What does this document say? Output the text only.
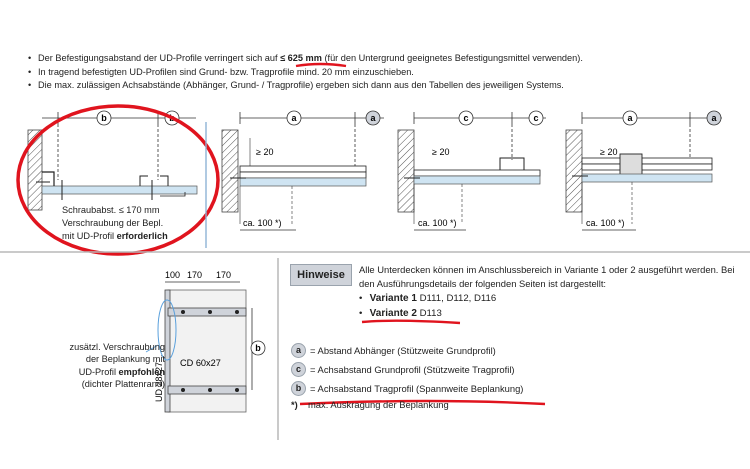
• Der Befestigungsabstand der UD-Profile verringert sich auf ≤ 625 mm (für den Untergrund geeignetes Befestigungsmittel verwenden).
• In tragend befestigten UD-Profilen sind Grund- bzw. Tragprofile mind. 20 mm einzuschieben.
• Die max. zulässigen Achsabstände (Abhänger, Grund- / Tragprofile) ergeben sich dann aus den Tabellen des jeweiligen Systems.
b	b	a	a
≥ 20
ca. 100 *)
c	c
≥ 20
ca. 100 *)
a	a
≥ 20
ca. 100 *)
100 170 170
b
CD 60x27
UD 28x27
Schraubabst. ≤ 170 mm
Verschraubung der Bepl.
mit UD-Profil erforderlich
zusätzl. Verschraubung
der Beplankung mit
UD-Profil empfohlen
(dichter Plattenrand)
Hinweise	Alle Unterdecken können im Anschlussbereich in Variante 1 oder 2 ausgeführt werden. Bei den Ausführungsdetails der folgenden Seiten ist dargestellt:
• Variante 1 D111, D112, D116
• Variante 2 D113
a = Abstand Abhänger (Stützweite Grundprofil)
c = Achsabstand Grundprofil (Stützweite Tragprofil)
b = Achsabstand Tragprofil (Spannweite Beplankung)
*)	max. Auskragung der Beplankung
